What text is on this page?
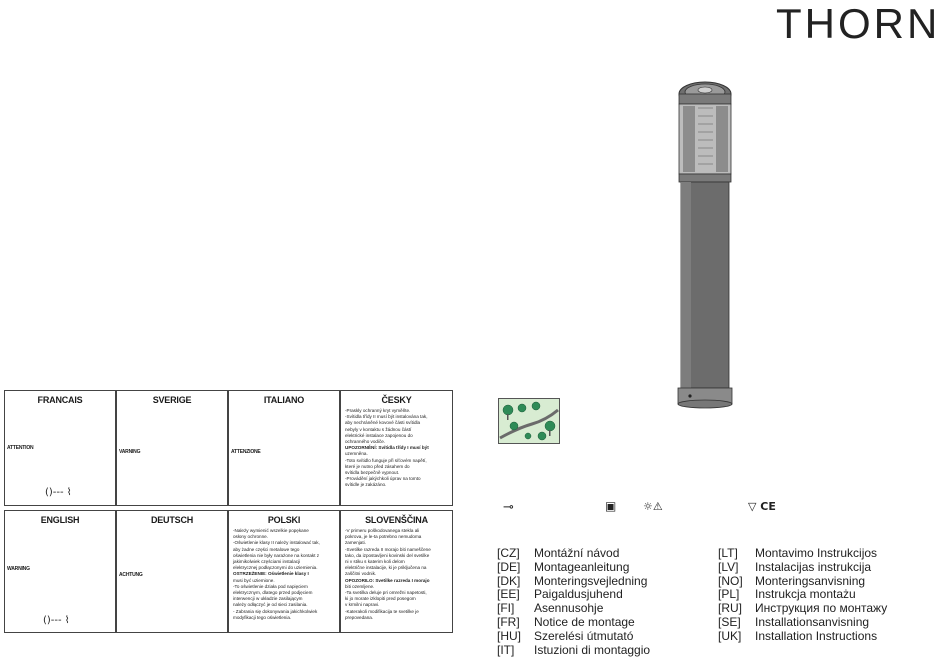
THORN
FRANCAIS
ATTENTION
()--- ⌇
SVERIGE
VARNING
ITALIANO
ATTENZIONE
ČESKY

-Praskly ochranný kryt vyměňte.

-Svítidla třídy II musí být instalována tak,

aby nechráněné kovové části svítidla

nebyly v kontaktu s žádnou částí

elektrické instalace zapojenou do

ochranného vodiče.

UPOZORNĚNÍ: Svítidla třídy I musí být

uzemněna.

-Toto svítidlo funguje při síťovém napětí,

které je nutno před zásahem do

svítidla bezpečně vypnout.

-Provádění jakýchkoli úprav na tomto

svítidle je zakázáno.

ENGLISH
WARNING
()--- ⌇
DEUTSCH
ACHTUNG
POLSKI

-Należy wymienić wszelkie popękane

osłony ochronne.

-Oświetlenie klasy II należy instalować tak,

aby żadne części metalowe tego

oświetlenia nie były narażone na kontakt z

jakimikolwiek częściami instalacji

elektrycznej podłączonymi do uziemienia.

OSTRZEŻENIE: Oświetlenie klasy I

musi być uziemione.

-To oświetlenie działa pod napięciem

elektrycznym, dlatego przed podjęciem

interwencji w układzie zasilającym

należy odłączyć je od sieci zasilania.

- Zabrania się dokonywania jakichkolwiek

modyfikacji tego oświetlenia.

SLOVENŠČINA

-V primeru poškodovanega stekla ali

pokrova, je le-ta potrebno nemudoma

zamenjati.

-Svetilke razreda II morajo biti nameščene

tako, da izpostavljeni kovinski del svetilke

ni v stiku s katerim koli delom

električne instalacije, ki je priključena na

zaščitni vodnik.

OPOZORILO: Svetilke razreda I morajo

biti ozemljene.

-Ta svetilka deluje pri omrežni napetosti,

ki jo morate izklopiti pred posegom

v krmilni napravi.

-Katerakoli modifikacija te svetilke je

prepovedana.

⊸	▣ ☼⚠	▽ CE
[CZ] Montážní návod
[DE] Montageanleitung
[DK] Monteringsvejledning
[EE] Paigaldusjuhend
[FI] Asennusohje
[FR] Notice de montage
[HU] Szerelési útmutató
[IT] Istuzioni di montaggio
[LT] Montavimo Instrukcijos
[LV] Instalacijas instrukcija
[NO] Monteringsanvisning
[PL] Instrukcja montażu
[RU] Инструкция по монтажу
[SE] Installationsanvisning
[UK] Installation Instructions
